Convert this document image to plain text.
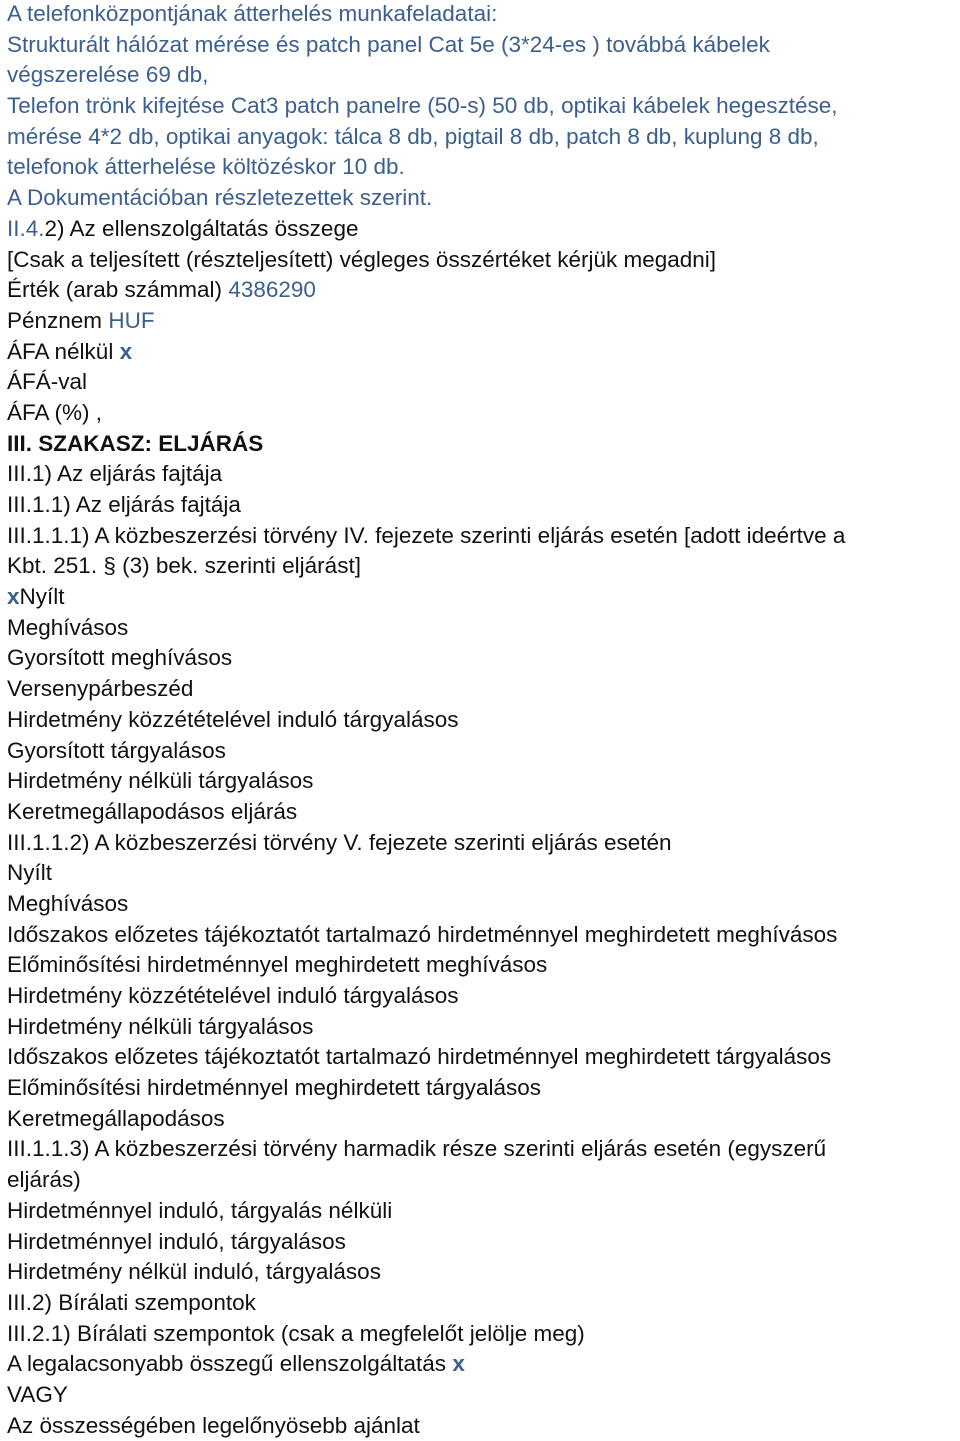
A telefonközpontjának átterhelés munkafeladatai:
Strukturált hálózat mérése és patch panel Cat 5e (3*24-es ) továbbá kábelek
végszerelése 69 db,
Telefon trönk kifejtése Cat3 patch panelre (50-s) 50 db, optikai kábelek hegesztése,
mérése 4*2 db, optikai anyagok: tálca 8 db, pigtail 8 db, patch 8 db, kuplung 8 db,
telefonok átterhelése költözéskor 10 db.
A Dokumentációban részletezettek szerint.
II.4.2) Az ellenszolgáltatás összege
[Csak a teljesített (részteljesített) végleges összértéket kérjük megadni]
Érték (arab számmal) 4386290
Pénznem HUF
ÁFA nélkül x
ÁFÁ-val
ÁFA (%) ,
III. SZAKASZ: ELJÁRÁS
III.1) Az eljárás fajtája
III.1.1) Az eljárás fajtája
III.1.1.1) A közbeszerzési törvény IV. fejezete szerinti eljárás esetén [adott ideértve a
Kbt. 251. § (3) bek. szerinti eljárást]
xNyílt
Meghívásos
Gyorsított meghívásos
Versenypárbeszéd
Hirdetmény közzétételével induló tárgyalásos
Gyorsított tárgyalásos
Hirdetmény nélküli tárgyalásos
Keretmegállapodásos eljárás
III.1.1.2) A közbeszerzési törvény V. fejezete szerinti eljárás esetén
Nyílt
Meghívásos
Időszakos előzetes tájékoztatót tartalmazó hirdetménnyel meghirdetett meghívásos
Előminősítési hirdetménnyel meghirdetett meghívásos
Hirdetmény közzétételével induló tárgyalásos
Hirdetmény nélküli tárgyalásos
Időszakos előzetes tájékoztatót tartalmazó hirdetménnyel meghirdetett tárgyalásos
Előminősítési hirdetménnyel meghirdetett tárgyalásos
Keretmegállapodásos
III.1.1.3) A közbeszerzési törvény harmadik része szerinti eljárás esetén (egyszerű
eljárás)
Hirdetménnyel induló, tárgyalás nélküli
Hirdetménnyel induló, tárgyalásos
Hirdetmény nélkül induló, tárgyalásos
III.2) Bírálati szempontok
III.2.1) Bírálati szempontok (csak a megfelelőt jelölje meg)
A legalacsonyabb összegű ellenszolgáltatás x
VAGY
Az összességében legelőnyösebb ajánlat
